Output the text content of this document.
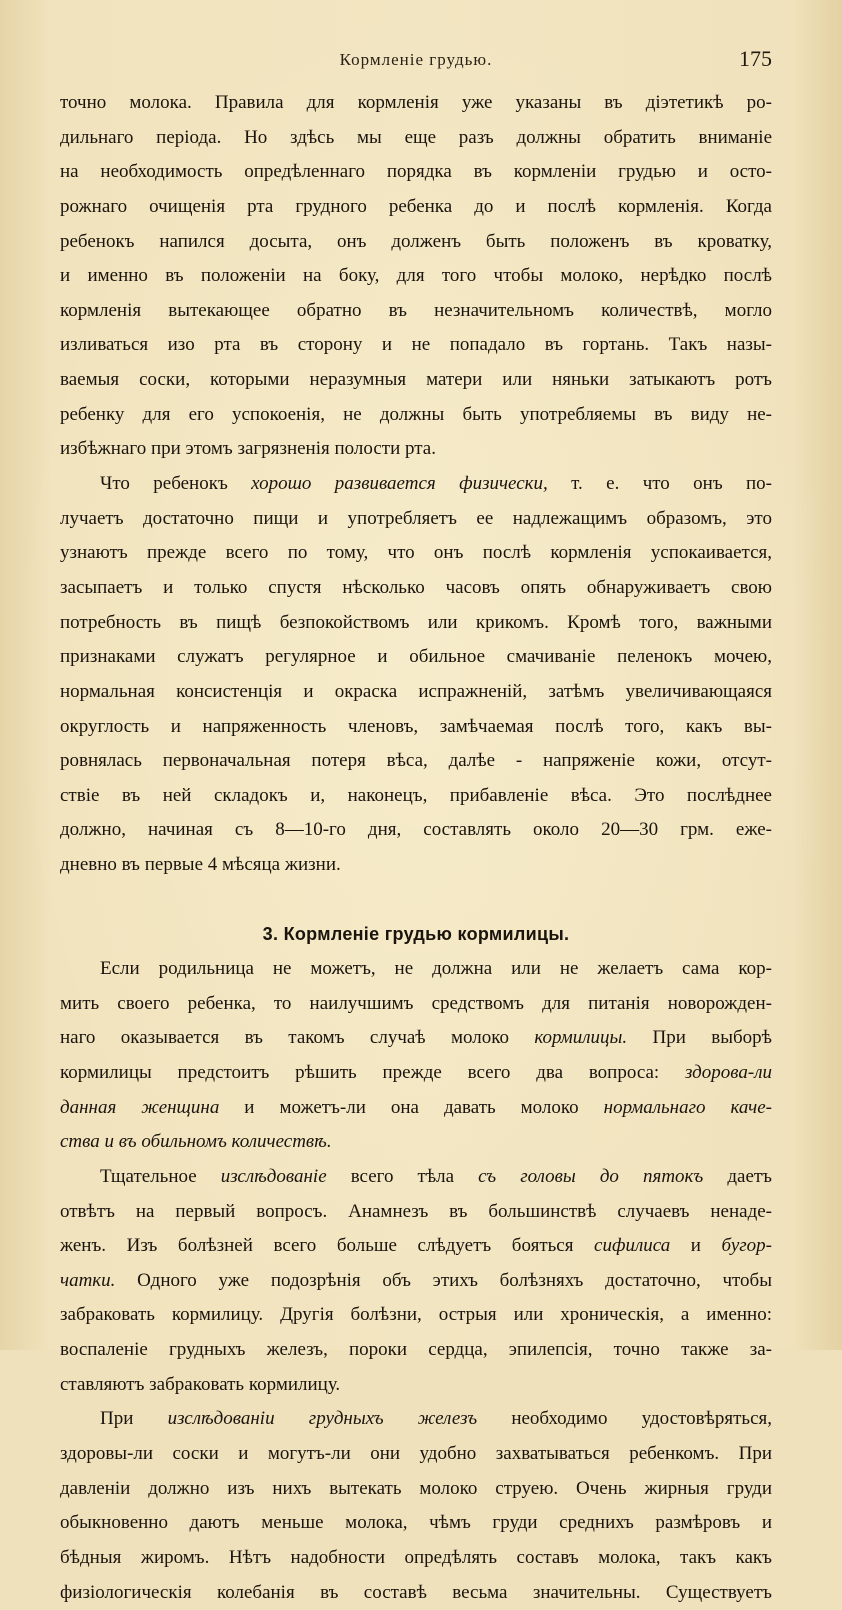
Кормленіе грудью.	175
точно молока. Правила для кормленія уже указаны въ діэтетикѣ ро-
дильнаго періода. Но здѣсь мы еще разъ должны обратить вниманіе
на необходимость опредѣленнаго порядка въ кормленіи грудью и осто-
рожнаго очищенія рта грудного ребенка до и послѣ кормленія. Когда
ребенокъ напился досыта, онъ долженъ быть положенъ въ кроватку,
и именно въ положеніи на боку, для того чтобы молоко, нерѣдко послѣ
кормленія вытекающее обратно въ незначительномъ количествѣ, могло
изливаться изо рта въ сторону и не попадало въ гортань. Такъ назы-
ваемыя соски, которыми неразумныя матери или няньки затыкаютъ ротъ
ребенку для его успокоенія, не должны быть употребляемы въ виду не-
избѣжнаго при этомъ загрязненія полости рта.
Что ребенокъ хорошо развивается физически, т. е. что онъ по-
лучаетъ достаточно пищи и употребляетъ ее надлежащимъ образомъ, это
узнаютъ прежде всего по тому, что онъ послѣ кормленія успокаивается,
засыпаетъ и только спустя нѣсколько часовъ опять обнаруживаетъ свою
потребность въ пищѣ безпокойствомъ или крикомъ. Кромѣ того, важными
признаками служатъ регулярное и обильное смачиваніе пеленокъ мочею,
нормальная консистенція и окраска испражненій, затѣмъ увеличивающаяся
округлость и напряженность членовъ, замѣчаемая послѣ того, какъ вы-
ровнялась первоначальная потеря вѣса, далѣе - напряженіе кожи, отсут-
ствіе въ ней складокъ и, наконецъ, прибавленіе вѣса. Это послѣднее
должно, начиная съ 8—10-го дня, составлять около 20—30 грм. еже-
дневно въ первые 4 мѣсяца жизни.
3. Кормленіе грудью кормилицы.
Если родильница не можетъ, не должна или не желаетъ сама кор-
мить своего ребенка, то наилучшимъ средствомъ для питанія новорожден-
наго оказывается въ такомъ случаѣ молоко кормилицы. При выборѣ
кормилицы предстоитъ рѣшить прежде всего два вопроса: здорова-ли
данная женщина и можетъ-ли она давать молоко нормальнаго каче-
ства и въ обильномъ количествѣ.
Тщательное изслѣдованіе всего тѣла съ головы до пятокъ даетъ
отвѣтъ на первый вопросъ. Анамнезъ въ большинствѣ случаевъ ненаде-
женъ. Изъ болѣзней всего больше слѣдуетъ бояться сифилиса и бугор-
чатки. Одного уже подозрѣнія объ этихъ болѣзняхъ достаточно, чтобы
забраковать кормилицу. Другія болѣзни, острыя или хроническія, а именно:
воспаленіе грудныхъ железъ, пороки сердца, эпилепсія, точно также за-
ставляютъ забраковать кормилицу.
При изслѣдованіи грудныхъ железъ необходимо удостовѣряться,
здоровы-ли соски и могутъ-ли они удобно захватываться ребенкомъ. При
давленіи должно изъ нихъ вытекать молоко струею. Очень жирныя груди
обыкновенно даютъ меньше молока, чѣмъ груди среднихъ размѣровъ и
бѣдныя жиромъ. Нѣтъ надобности опредѣлять составъ молока, такъ какъ
физіологическія колебанія въ составѣ весьма значительны. Существуетъ
